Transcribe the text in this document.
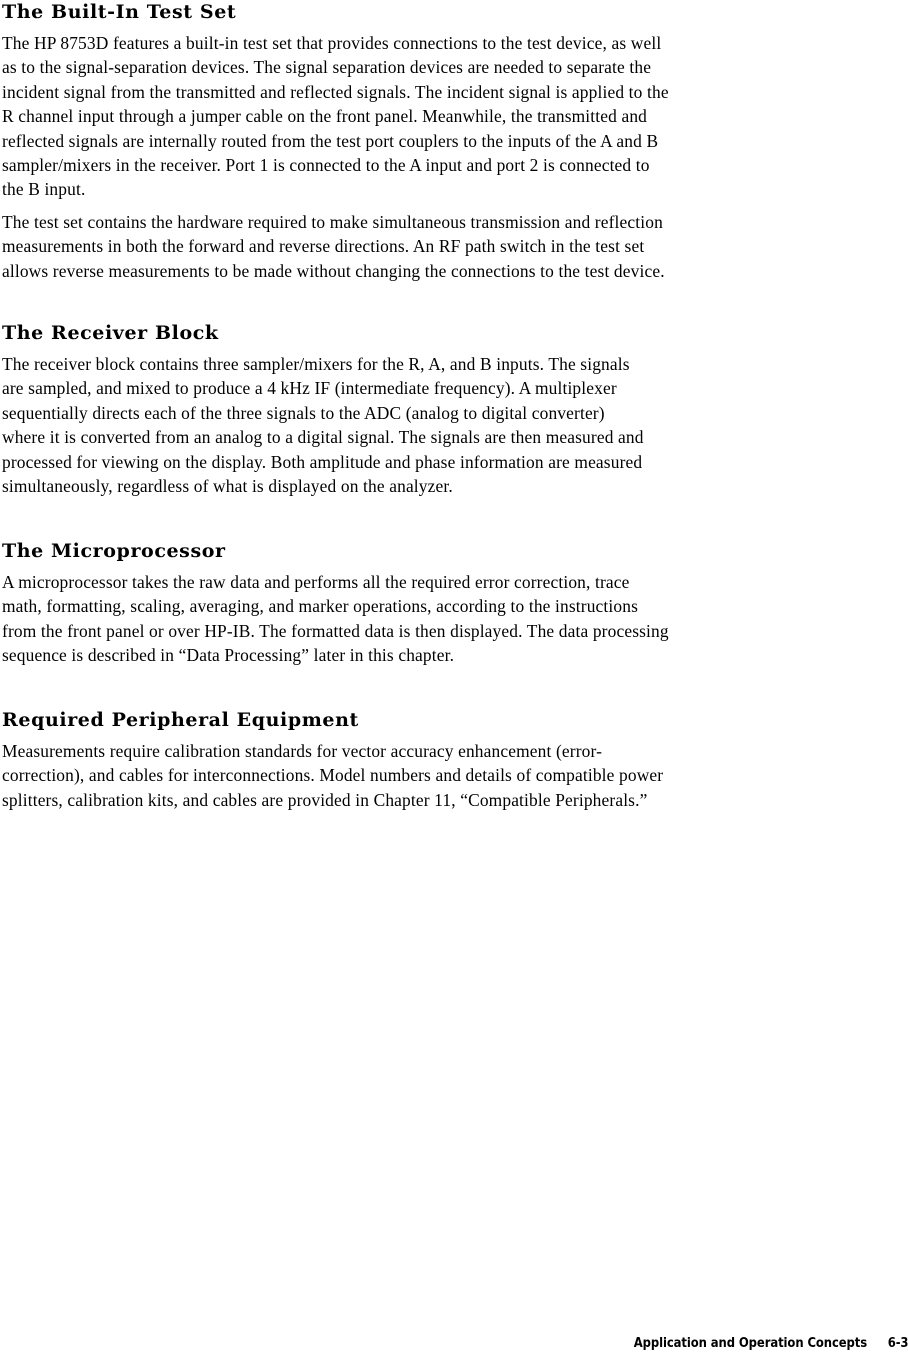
The Built-In Test Set

The HP 8753D features a built-in test set that provides connections to the test device, as well
as to the signal-separation devices. The signal separation devices are needed to separate the
incident signal from the transmitted and reflected signals. The incident signal is applied to the
R channel input through a jumper cable on the front panel. Meanwhile, the transmitted and
reflected signals are internally routed from the test port couplers to the inputs of the A and B
sampler/mixers in the receiver. Port 1 is connected to the A input and port 2 is connected to
the B input.

The test set contains the hardware required to make simultaneous transmission and reflection
measurements in both the forward and reverse directions. An RF path switch in the test set
allows reverse measurements to be made without changing the connections to the test device.

The Receiver Block

The receiver block contains three sampler/mixers for the R, A, and B inputs. The signals
are sampled, and mixed to produce a 4 kHz IF (intermediate frequency). A multiplexer
sequentially directs each of the three signals to the ADC (analog to digital converter)
where it is converted from an analog to a digital signal. The signals are then measured and
processed for viewing on the display. Both amplitude and phase information are measured
simultaneously, regardless of what is displayed on the analyzer.

The Microprocessor

A microprocessor takes the raw data and performs all the required error correction, trace
math, formatting, scaling, averaging, and marker operations, according to the instructions
from the front panel or over HP-IB. The formatted data is then displayed. The data processing
sequence is described in “Data Processing” later in this chapter.

Required Peripheral Equipment

Measurements require calibration standards for vector accuracy enhancement (error-
correction), and cables for interconnections. Model numbers and details of compatible power
splitters, calibration kits, and cables are provided in Chapter 11, “Compatible Peripherals.”

Application and Operation Concepts 6-3
